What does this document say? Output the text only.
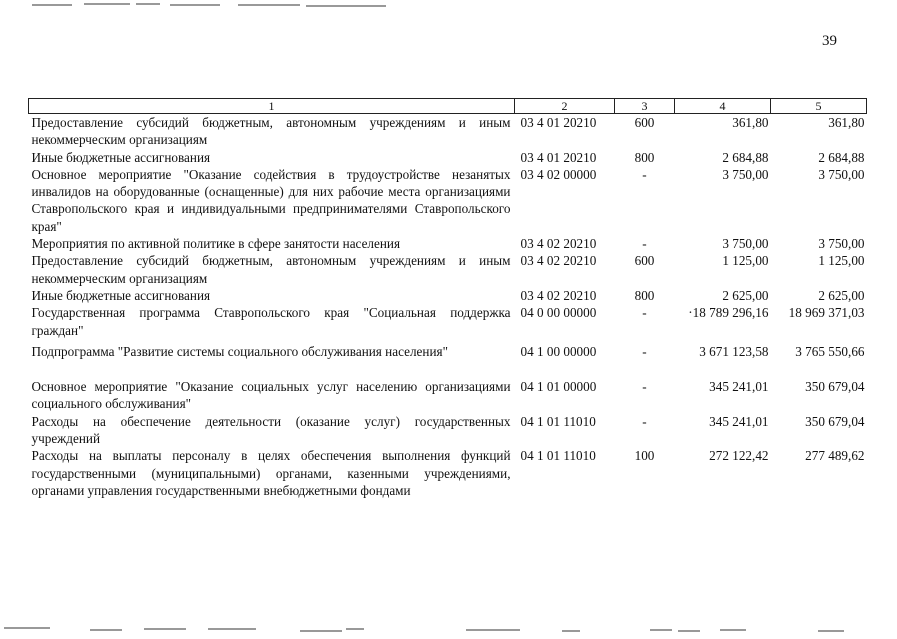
39
1	2	3	4	5
Предоставление субсидий бюджетным, автономным учреждениям и иным некоммерческим организациям	03 4 01 20210	600	361,80	361,80
Иные бюджетные ассигнования	03 4 01 20210	800	2 684,88	2 684,88
Основное мероприятие "Оказание содействия в трудоустройстве незанятых инвалидов на оборудованные (оснащенные) для них рабочие места организациями Ставропольского края и индивидуальными предпринимателями Ставропольского края"	03 4 02 00000	-	3 750,00	3 750,00
Мероприятия по активной политике в сфере занятости населения	03 4 02 20210	-	3 750,00	3 750,00
Предоставление субсидий бюджетным, автономным учреждениям и иным некоммерческим организациям	03 4 02 20210	600	1 125,00	1 125,00
Иные бюджетные ассигнования	03 4 02 20210	800	2 625,00	2 625,00
Государственная программа Ставропольского края "Социальная поддержка граждан"	04 0 00 00000	-	·18 789 296,16	18 969 371,03
Подпрограмма "Развитие системы социального обслуживания населения"	04 1 00 00000	-	3 671 123,58	3 765 550,66
Основное мероприятие "Оказание социальных услуг населению организациями социального обслуживания"	04 1 01 00000	-	345 241,01	350 679,04
Расходы на обеспечение деятельности (оказание услуг) государственных учреждений	04 1 01 11010	-	345 241,01	350 679,04
Расходы на выплаты персоналу в целях обеспечения выполнения функций государственными (муниципальными) органами, казенными учреждениями, органами управления государственными внебюджетными фондами	04 1 01 11010	100	272 122,42	277 489,62
